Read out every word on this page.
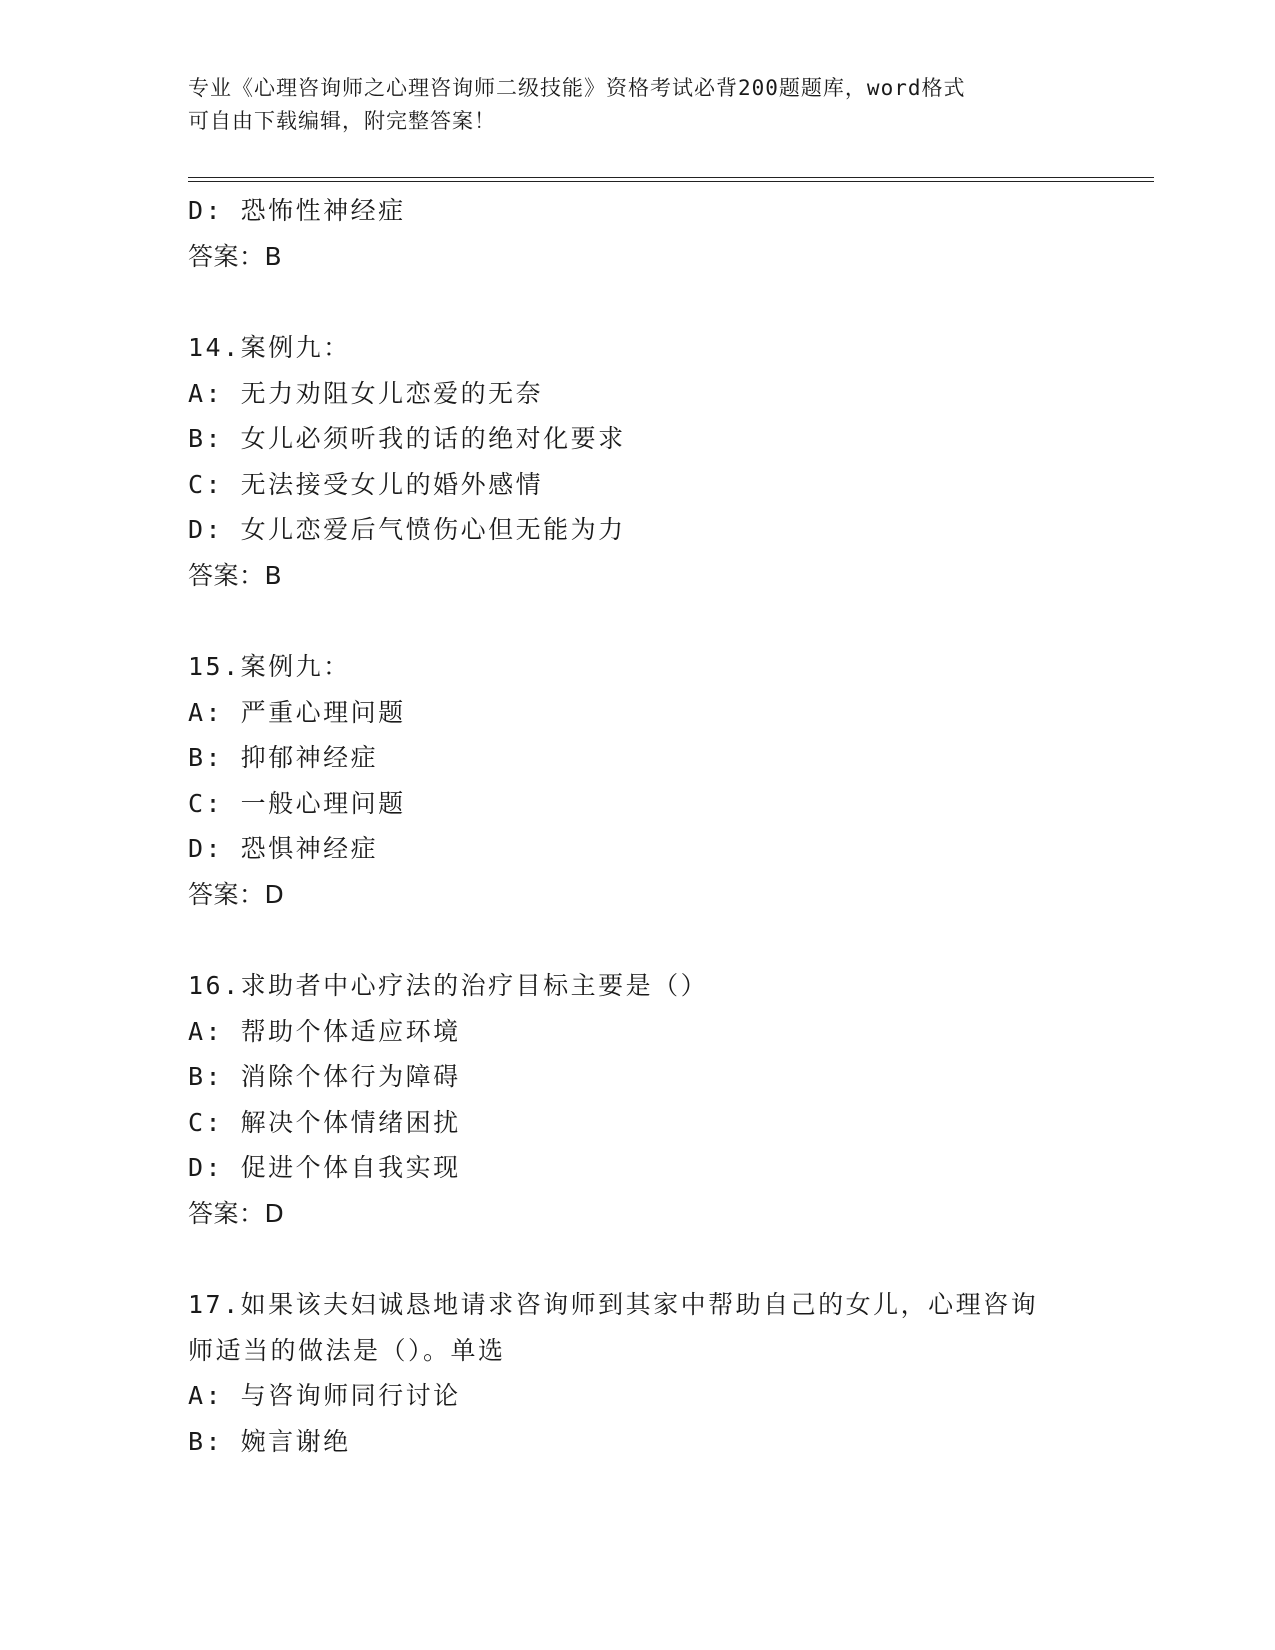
专业《心理咨询师之心理咨询师二级技能》资格考试必背200题题库，word格式
可自由下载编辑，附完整答案！
D: 恐怖性神经症
答案：B
14.案例九：
A: 无力劝阻女儿恋爱的无奈
B: 女儿必须听我的话的绝对化要求
C: 无法接受女儿的婚外感情
D: 女儿恋爱后气愤伤心但无能为力
答案：B
15.案例九：
A: 严重心理问题
B: 抑郁神经症
C: 一般心理问题
D: 恐惧神经症
答案：D
16.求助者中心疗法的治疗目标主要是（）
A: 帮助个体适应环境
B: 消除个体行为障碍
C: 解决个体情绪困扰
D: 促进个体自我实现
答案：D
17.如果该夫妇诚恳地请求咨询师到其家中帮助自己的女儿，心理咨询
师适当的做法是（）。单选
A: 与咨询师同行讨论
B: 婉言谢绝
